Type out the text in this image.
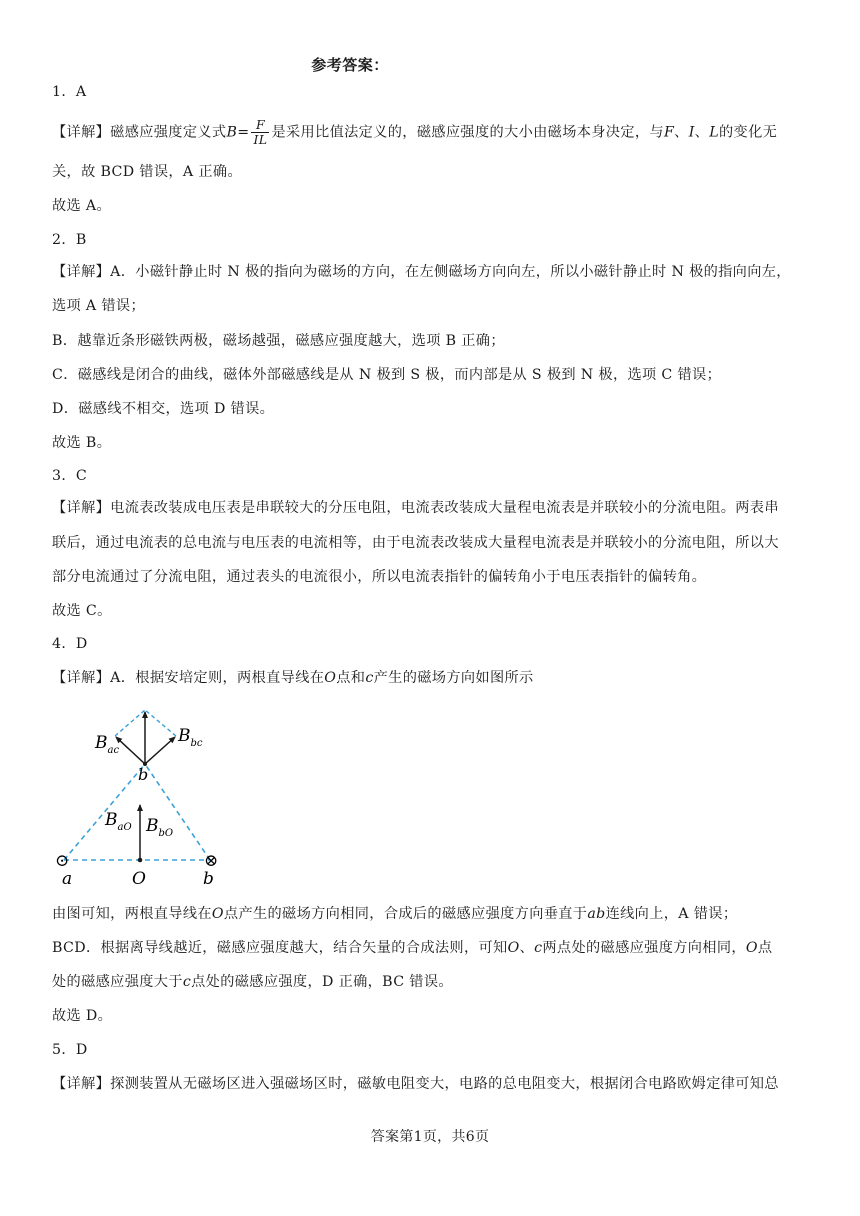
参考答案：
1．A
【详解】磁感应强度定义式$B= \frac{F}{IL}$ 是采用比值法定义的，磁感应强度的大小由磁场本身决定，与F、I、L的变化无
关，故 BCD 错误，A 正确。
故选 A。
2．B
【详解】A．小磁针静止时 N 极的指向为磁场的方向，在左侧磁场方向向左，所以小磁针静止时 N 极的指向向左，
选项 A 错误；
B．越靠近条形磁铁两极，磁场越强，磁感应强度越大，选项 B 正确；
C．磁感线是闭合的曲线，磁体外部磁感线是从 N 极到 S 极，而内部是从 S 极到 N 极，选项 C 错误；
D．磁感线不相交，选项 D 错误。
故选 B。
3．C
【详解】电流表改装成电压表是串联较大的分压电阻，电流表改装成大量程电流表是并联较小的分流电阻。两表串
联后，通过电流表的总电流与电压表的电流相等，由于电流表改装成大量程电流表是并联较小的分流电阻，所以大
部分电流通过了分流电阻，通过表头的电流很小，所以电流表指针的偏转角小于电压表指针的偏转角。
故选 C。
4．D
【详解】A．根据安培定则，两根直导线在O点和c产生的磁场方向如图所示
⊙	⊗
$B_{ac}$
$B_{bc}$
b
$B_{aO}$ $B_{bO}$
a	O	b
由图可知，两根直导线在O点产生的磁场方向相同，合成后的磁感应强度方向垂直于ab连线向上，A 错误；
BCD．根据离导线越近，磁感应强度越大，结合矢量的合成法则，可知O、c两点处的磁感应强度方向相同，O点
处的磁感应强度大于c点处的磁感应强度，D 正确，BC 错误。
故选 D。
5．D
【详解】探测装置从无磁场区进入强磁场区时，磁敏电阻变大，电路的总电阻变大，根据闭合电路欧姆定律可知总
答案第1页，共6页
